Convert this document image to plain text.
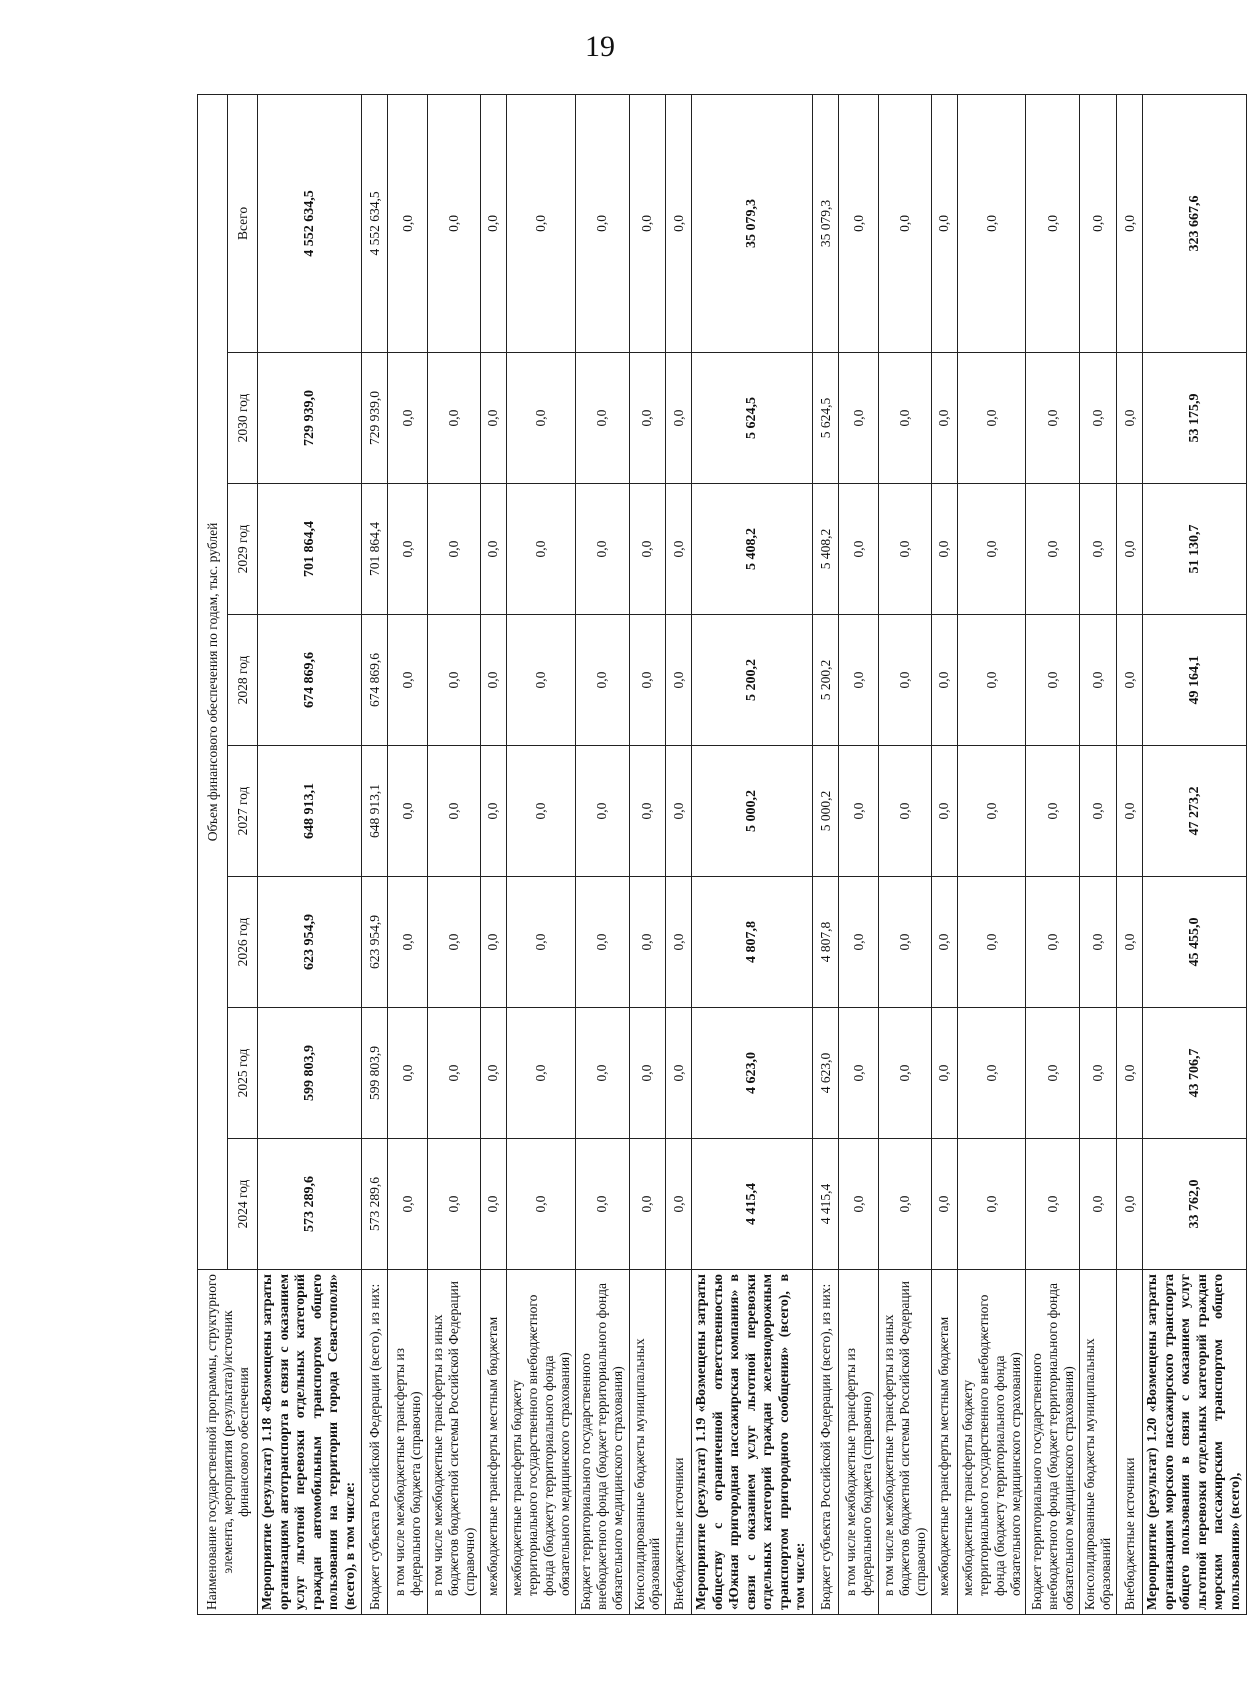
19
Наименование государственной программы, структурного элемента, мероприятия (результата)/источник финансового обеспечения	Объем финансового обеспечения по годам, тыс. рублей							
	2024 год	2025 год	2026 год	2027 год	2028 год	2029 год	2030 год	Всего
Мероприятие (результат) 1.18 «Возмещены затраты организациям автотранспорта в связи с оказанием услуг льготной перевозки отдельных категорий граждан автомобильным транспортом общего пользования на территории города Севастополя» (всего), в том числе:	573 289,6	599 803,9	623 954,9	648 913,1	674 869,6	701 864,4	729 939,0	4 552 634,5
Бюджет субъекта Российской Федерации (всего), из них:	573 289,6	599 803,9	623 954,9	648 913,1	674 869,6	701 864,4	729 939,0	4 552 634,5
в том числе межбюджетные трансферты из федерального бюджета (справочно)	0,0	0,0	0,0	0,0	0,0	0,0	0,0	0,0
в том числе межбюджетные трансферты из иных бюджетов бюджетной системы Российской Федерации (справочно)	0,0	0,0	0,0	0,0	0,0	0,0	0,0	0,0
межбюджетные трансферты местным бюджетам	0,0	0,0	0,0	0,0	0,0	0,0	0,0	0,0
межбюджетные трансферты бюджету территориального государственного внебюджетного фонда (бюджету территориального фонда обязательного медицинского страхования)	0,0	0,0	0,0	0,0	0,0	0,0	0,0	0,0
Бюджет территориального государственного внебюджетного фонда (бюджет территориального фонда обязательного медицинского страхования)	0,0	0,0	0,0	0,0	0,0	0,0	0,0	0,0
Консолидированные бюджеты муниципальных образований	0,0	0,0	0,0	0,0	0,0	0,0	0,0	0,0
Внебюджетные источники	0,0	0,0	0,0	0,0	0,0	0,0	0,0	0,0
Мероприятие (результат) 1.19 «Возмещены затраты обществу с ограниченной ответственностью «Южная пригородная пассажирская компания» в связи с оказанием услуг льготной перевозки отдельных категорий граждан железнодорожным транспортом пригородного сообщения» (всего), в том числе:	4 415,4	4 623,0	4 807,8	5 000,2	5 200,2	5 408,2	5 624,5	35 079,3
Бюджет субъекта Российской Федерации (всего), из них:	4 415,4	4 623,0	4 807,8	5 000,2	5 200,2	5 408,2	5 624,5	35 079,3
в том числе межбюджетные трансферты из федерального бюджета (справочно)	0,0	0,0	0,0	0,0	0,0	0,0	0,0	0,0
в том числе межбюджетные трансферты из иных бюджетов бюджетной системы Российской Федерации (справочно)	0,0	0,0	0,0	0,0	0,0	0,0	0,0	0,0
межбюджетные трансферты местным бюджетам	0,0	0,0	0,0	0,0	0,0	0,0	0,0	0,0
межбюджетные трансферты бюджету территориального государственного внебюджетного фонда (бюджету территориального фонда обязательного медицинского страхования)	0,0	0,0	0,0	0,0	0,0	0,0	0,0	0,0
Бюджет территориального государственного внебюджетного фонда (бюджет территориального фонда обязательного медицинского страхования)	0,0	0,0	0,0	0,0	0,0	0,0	0,0	0,0
Консолидированные бюджеты муниципальных образований	0,0	0,0	0,0	0,0	0,0	0,0	0,0	0,0
Внебюджетные источники	0,0	0,0	0,0	0,0	0,0	0,0	0,0	0,0
Мероприятие (результат) 1.20 «Возмещены затраты организациям морского пассажирского транспорта общего пользования в связи с оказанием услуг льготной перевозки отдельных категорий граждан морским пассажирским транспортом общего пользования» (всего),	33 762,0	43 706,7	45 455,0	47 273,2	49 164,1	51 130,7	53 175,9	323 667,6
